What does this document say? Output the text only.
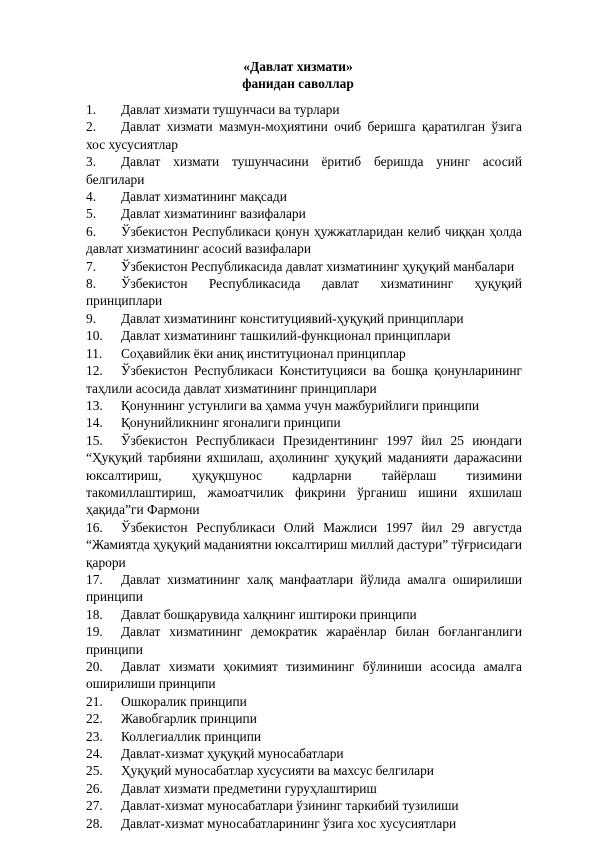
«Давлат хизмати»
фанидан саволлар
1. Давлат хизмати тушунчаси ва турлари
2. Давлат хизмати мазмун-моҳиятини очиб беришга қаратилган ўзига хос хусусиятлар
3. Давлат хизмати тушунчасини ёритиб беришда унинг асосий белгилари
4. Давлат хизматининг мақсади
5. Давлат хизматининг вазифалари
6. Ўзбекистон Республикаси қонун ҳужжатларидан келиб чиққан ҳолда давлат хизматининг асосий вазифалари
7. Ўзбекистон Республикасида давлат хизматининг ҳуқуқий манбалари
8. Ўзбекистон Республикасида давлат хизматининг ҳуқуқий принциплари
9. Давлат хизматининг конституциявий-ҳуқуқий принциплари
10. Давлат хизматининг ташкилий-функционал принциплари
11. Соҳавийлик ёки аниқ институционал принциплар
12. Ўзбекистон Республикаси Конституцияси ва бошқа қонунларининг таҳлили асосида давлат хизматининг принциплари
13. Қонуннинг устунлиги ва ҳамма учун мажбурийлиги принципи
14. Қонунийликнинг ягоналиги принципи
15. Ўзбекистон Республикаси Президентининг 1997 йил 25 июндаги “Ҳуқуқий тарбияни яхшилаш, аҳолининг ҳуқуқий маданияти даражасини юксалтириш, ҳуқуқшунос кадрларни тайёрлаш тизимини такомиллаштириш, жамоатчилик фикрини ўрганиш ишини яхшилаш ҳақида”ги Фармони
16. Ўзбекистон Республикаси Олий Мажлиси 1997 йил 29 августда “Жамиятда ҳуқуқий маданиятни юксалтириш миллий дастури” тўғрисидаги қарори
17. Давлат хизматининг халқ манфаатлари йўлида амалга оширилиши принципи
18. Давлат бошқарувида халқнинг иштироки принципи
19. Давлат хизматининг демократик жараёнлар билан боғланганлиги принципи
20. Давлат хизмати ҳокимият тизимининг бўлиниши асосида амалга оширилиши принципи
21. Ошкоралик принципи
22. Жавобгарлик принципи
23. Коллегиаллик принципи
24. Давлат-хизмат ҳуқуқий муносабатлари
25. Ҳуқуқий муносабатлар хусусияти ва махсус белгилари
26. Давлат хизмати предметини гуруҳлаштириш
27. Давлат-хизмат муносабатлари ўзининг таркибий тузилиши
28. Давлат-хизмат муносабатларининг ўзига хос хусусиятлари
